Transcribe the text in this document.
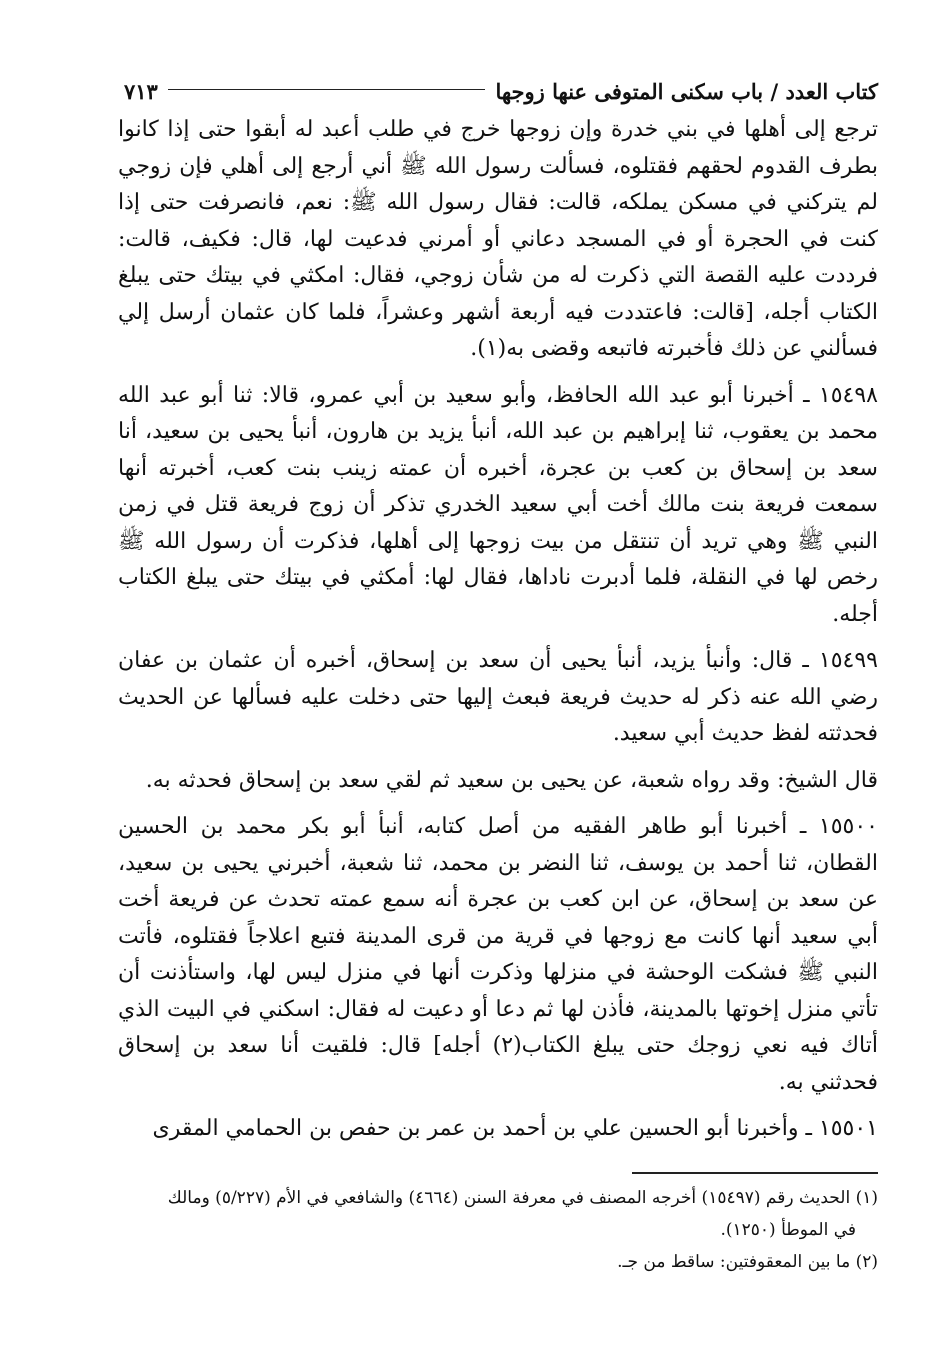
كتاب العدد / باب سكنى المتوفى عنها زوجها
٧١٣

ترجع إلى أهلها في بني خدرة وإن زوجها خرج في طلب أعبد له أبقوا حتى إذا كانوا بطرف القدوم لحقهم فقتلوه، فسألت رسول الله ﷺ أني أرجع إلى أهلي فإن زوجي لم يتركني في مسكن يملكه، قالت: فقال رسول الله ﷺ: نعم، فانصرفت حتى إذا كنت في الحجرة أو في المسجد دعاني أو أمرني فدعيت لها، قال: فكيف، قالت: فرددت عليه القصة التي ذكرت له من شأن زوجي، فقال: امكثي في بيتك حتى يبلغ الكتاب أجله، [قالت: فاعتددت فيه أربعة أشهر وعشراً، فلما كان عثمان أرسل إلي فسألني عن ذلك فأخبرته فاتبعه وقضى به(١).

١٥٤٩٨ ـ أخبرنا أبو عبد الله الحافظ، وأبو سعيد بن أبي عمرو، قالا: ثنا أبو عبد الله محمد بن يعقوب، ثنا إبراهيم بن عبد الله، أنبأ يزيد بن هارون، أنبأ يحيى بن سعيد، أنا سعد بن إسحاق بن كعب بن عجرة، أخبره أن عمته زينب بنت كعب، أخبرته أنها سمعت فريعة بنت مالك أخت أبي سعيد الخدري تذكر أن زوج فريعة قتل في زمن النبي ﷺ وهي تريد أن تنتقل من بيت زوجها إلى أهلها، فذكرت أن رسول الله ﷺ رخص لها في النقلة، فلما أدبرت ناداها، فقال لها: أمكثي في بيتك حتى يبلغ الكتاب أجله.

١٥٤٩٩ ـ قال: وأنبأ يزيد، أنبأ يحيى أن سعد بن إسحاق، أخبره أن عثمان بن عفان رضي الله عنه ذكر له حديث فريعة فبعث إليها حتى دخلت عليه فسألها عن الحديث فحدثته لفظ حديث أبي سعيد.

قال الشيخ: وقد رواه شعبة، عن يحيى بن سعيد ثم لقي سعد بن إسحاق فحدثه به.

١٥٥٠٠ ـ أخبرنا أبو طاهر الفقيه من أصل كتابه، أنبأ أبو بكر محمد بن الحسين القطان، ثنا أحمد بن يوسف، ثنا النضر بن محمد، ثنا شعبة، أخبرني يحيى بن سعيد، عن سعد بن إسحاق، عن ابن كعب بن عجرة أنه سمع عمته تحدث عن فريعة أخت أبي سعيد أنها كانت مع زوجها في قرية من قرى المدينة فتبع اعلاجاً فقتلوه، فأتت النبي ﷺ فشكت الوحشة في منزلها وذكرت أنها في منزل ليس لها، واستأذنت أن تأتي منزل إخوتها بالمدينة، فأذن لها ثم دعا أو دعيت له فقال: اسكني في البيت الذي أتاك فيه نعي زوجك حتى يبلغ الكتاب(٢) أجله] قال: فلقيت أنا سعد بن إسحاق فحدثني به.

١٥٥٠١ ـ وأخبرنا أبو الحسين علي بن أحمد بن عمر بن حفص بن الحمامي المقرى

(١) الحديث رقم (١٥٤٩٧) أخرجه المصنف في معرفة السنن (٤٦٦٤) والشافعي في الأم (٥/٢٢٧) ومالك

في الموطأ (١٢٥٠).

(٢) ما بين المعقوفتين: ساقط من جـ.
